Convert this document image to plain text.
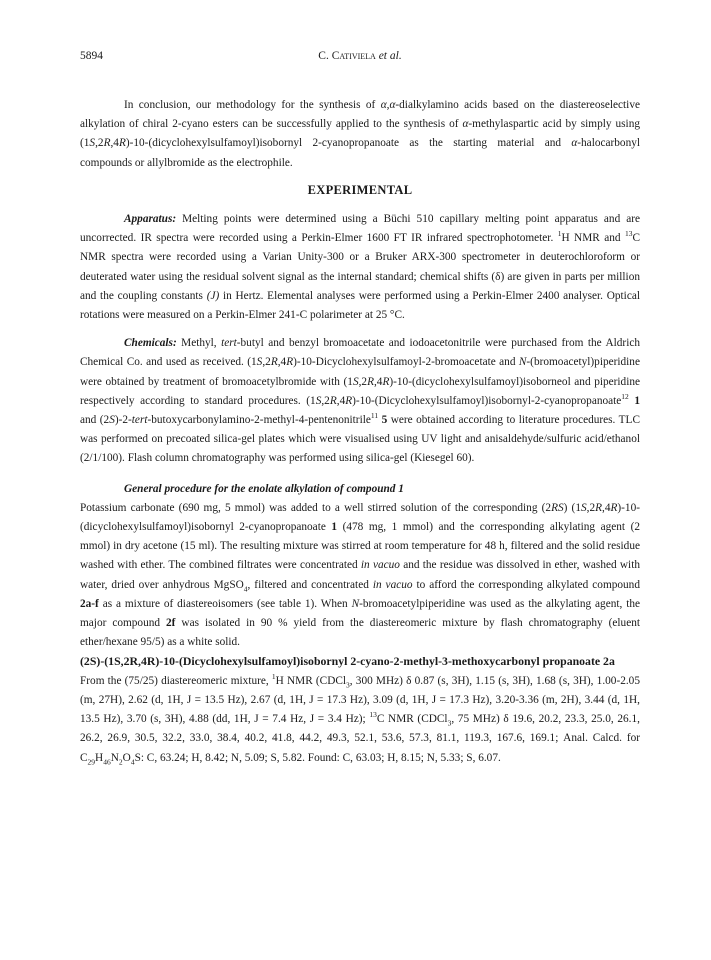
5894	C. Cativiela et al.

In conclusion, our methodology for the synthesis of α,α-dialkylamino acids based on the diastereoselective alkylation of chiral 2-cyano esters can be successfully applied to the synthesis of α-methylaspartic acid by simply using (1S,2R,4R)-10-(dicyclohexylsulfamoyl)isobornyl 2-cyanopropanoate as the starting material and α-halocarbonyl compounds or allylbromide as the electrophile.

EXPERIMENTAL

Apparatus: Melting points were determined using a Büchi 510 capillary melting point apparatus and are uncorrected. IR spectra were recorded using a Perkin-Elmer 1600 FT IR infrared spectrophotometer. $^1$H NMR and $^{13}$C NMR spectra were recorded using a Varian Unity-300 or a Bruker ARX-300 spectrometer in deuterochloroform or deuterated water using the residual solvent signal as the internal standard; chemical shifts (δ) are given in parts per million and the coupling constants (J) in Hertz. Elemental analyses were performed using a Perkin-Elmer 2400 analyser. Optical rotations were measured on a Perkin-Elmer 241-C polarimeter at 25 °C.

Chemicals: Methyl, tert-butyl and benzyl bromoacetate and iodoacetonitrile were purchased from the Aldrich Chemical Co. and used as received. (1S,2R,4R)-10-Dicyclohexylsulfamoyl-2-bromoacetate and N-(bromoacetyl)piperidine were obtained by treatment of bromoacetylbromide with (1S,2R,4R)-10-(dicyclohexylsulfamoyl)isoborneol and piperidine respectively according to standard procedures. (1S,2R,4R)-10-(Dicyclohexylsulfamoyl)isobornyl-2-cyanopropanoate$^{12}$ 1 and (2S)-2-tert-butoxycarbonylamino-2-methyl-4-pentenonitrile$^{11}$ 5 were obtained according to literature procedures. TLC was performed on precoated silica-gel plates which were visualised using UV light and anisaldehyde/sulfuric acid/ethanol (2/1/100). Flash column chromatography was performed using silica-gel (Kiesegel 60).

General procedure for the enolate alkylation of compound 1

Potassium carbonate (690 mg, 5 mmol) was added to a well stirred solution of the corresponding (2RS) (1S,2R,4R)-10-(dicyclohexylsulfamoyl)isobornyl 2-cyanopropanoate 1 (478 mg, 1 mmol) and the corresponding alkylating agent (2 mmol) in dry acetone (15 ml). The resulting mixture was stirred at room temperature for 48 h, filtered and the solid residue washed with ether. The combined filtrates were concentrated in vacuo and the residue was dissolved in ether, washed with water, dried over anhydrous MgSO$_4$, filtered and concentrated in vacuo to afford the corresponding alkylated compound 2a-f as a mixture of diastereoisomers (see table 1). When N-bromoacetylpiperidine was used as the alkylating agent, the major compound 2f was isolated in 90 % yield from the diastereomeric mixture by flash chromatography (eluent ether/hexane 95/5) as a white solid.

(2S)-(1S,2R,4R)-10-(Dicyclohexylsulfamoyl)isobornyl 2-cyano-2-methyl-3-methoxycarbonyl propanoate 2a

From the (75/25) diastereomeric mixture, $^1$H NMR (CDCl$_3$, 300 MHz) δ 0.87 (s, 3H), 1.15 (s, 3H), 1.68 (s, 3H), 1.00-2.05 (m, 27H), 2.62 (d, 1H, J = 13.5 Hz), 2.67 (d, 1H, J = 17.3 Hz), 3.09 (d, 1H, J = 17.3 Hz), 3.20-3.36 (m, 2H), 3.44 (d, 1H, 13.5 Hz), 3.70 (s, 3H), 4.88 (dd, 1H, J = 7.4 Hz, J = 3.4 Hz); $^{13}$C NMR (CDCl$_3$, 75 MHz) δ 19.6, 20.2, 23.3, 25.0, 26.1, 26.2, 26.9, 30.5, 32.2, 33.0, 38.4, 40.2, 41.8, 44.2, 49.3, 52.1, 53.6, 57.3, 81.1, 119.3, 167.6, 169.1; Anal. Calcd. for $C_{29}H_{46}N_2O_4S$: C, 63.24; H, 8.42; N, 5.09; S, 5.82. Found: C, 63.03; H, 8.15; N, 5.33; S, 6.07.
